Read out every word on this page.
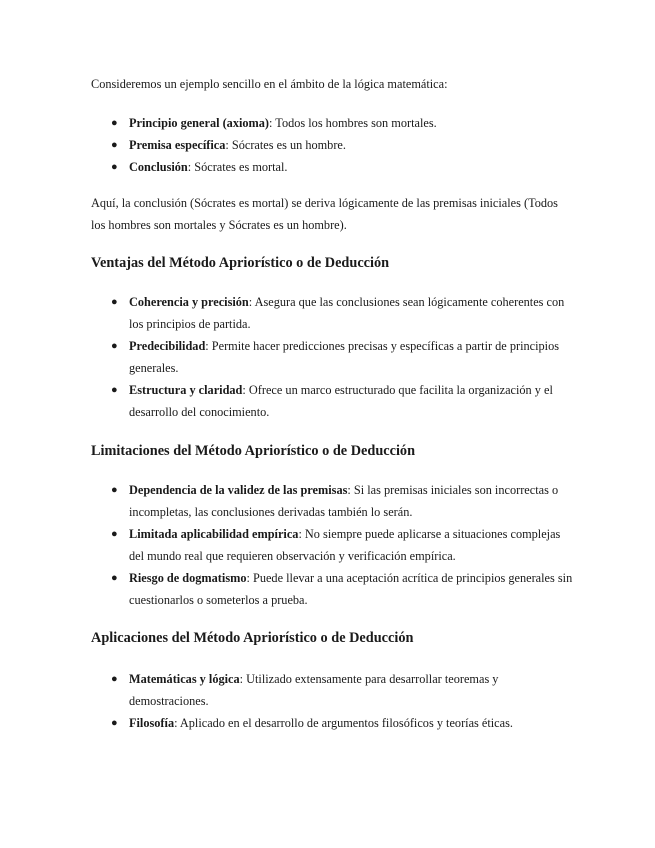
Consideremos un ejemplo sencillo en el ámbito de la lógica matemática:

● Principio general (axioma): Todos los hombres son mortales.
● Premisa específica: Sócrates es un hombre.
● Conclusión: Sócrates es mortal.

Aquí, la conclusión (Sócrates es mortal) se deriva lógicamente de las premisas iniciales (Todos los hombres son mortales y Sócrates es un hombre).

Ventajas del Método Apriorístico o de Deducción
● Coherencia y precisión: Asegura que las conclusiones sean lógicamente coherentes con los principios de partida.
● Predecibilidad: Permite hacer predicciones precisas y específicas a partir de principios generales.
● Estructura y claridad: Ofrece un marco estructurado que facilita la organización y el desarrollo del conocimiento.
Limitaciones del Método Apriorístico o de Deducción
● Dependencia de la validez de las premisas: Si las premisas iniciales son incorrectas o incompletas, las conclusiones derivadas también lo serán.
● Limitada aplicabilidad empírica: No siempre puede aplicarse a situaciones complejas del mundo real que requieren observación y verificación empírica.
● Riesgo de dogmatismo: Puede llevar a una aceptación acrítica de principios generales sin cuestionarlos o someterlos a prueba.
Aplicaciones del Método Apriorístico o de Deducción
● Matemáticas y lógica: Utilizado extensamente para desarrollar teoremas y demostraciones.
● Filosofía: Aplicado en el desarrollo de argumentos filosóficos y teorías éticas.
